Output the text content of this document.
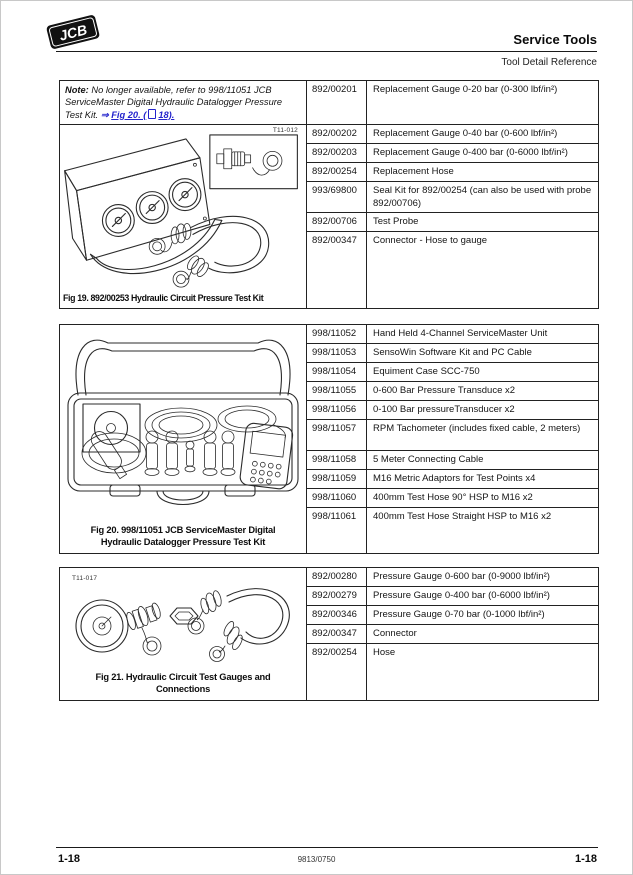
JCB	Service Tools
Tool Detail Reference
Note: No longer available, refer to 998/11051 JCB ServiceMaster Digital Hydraulic Datalogger Pressure Test Kit. ⇒ Fig 20. ( 18).
T11-012
Fig 19. 892/00253 Hydraulic Circuit Pressure Test Kit
892/00201	Replacement Gauge 0-20 bar (0-300 lbf/in²)
892/00202	Replacement Gauge 0-40 bar (0-600 lbf/in²)
892/00203	Replacement Gauge 0-400 bar (0-6000 lbf/in²)
892/00254	Replacement Hose
993/69800	Seal Kit for 892/00254 (can also be used with probe 892/00706)
892/00706	Test Probe
892/00347	Connector - Hose to gauge
Fig 20. 998/11051 JCB ServiceMaster Digital Hydraulic Datalogger Pressure Test Kit
998/11052	Hand Held 4-Channel ServiceMaster Unit
998/11053	SensoWin Software Kit and PC Cable
998/11054	Equiment Case SCC-750
998/11055	0-600 Bar Pressure Transduce x2
998/11056	0-100 Bar pressureTransducer x2
998/11057	RPM Tachometer (includes fixed cable, 2 meters)
998/11058	5 Meter Connecting Cable
998/11059	M16 Metric Adaptors for Test Points x4
998/11060	400mm Test Hose 90° HSP to M16 x2
998/11061	400mm Test Hose Straight HSP to M16 x2
T11-017
Fig 21. Hydraulic Circuit Test Gauges and Connections
892/00280	Pressure Gauge 0-600 bar (0-9000 lbf/in²)
892/00279	Pressure Gauge 0-400 bar (0-6000 lbf/in²)
892/00346	Pressure Gauge 0-70 bar (0-1000 lbf/in²)
892/00347	Connector
892/00254	Hose
1-18	9813/0750	1-18
